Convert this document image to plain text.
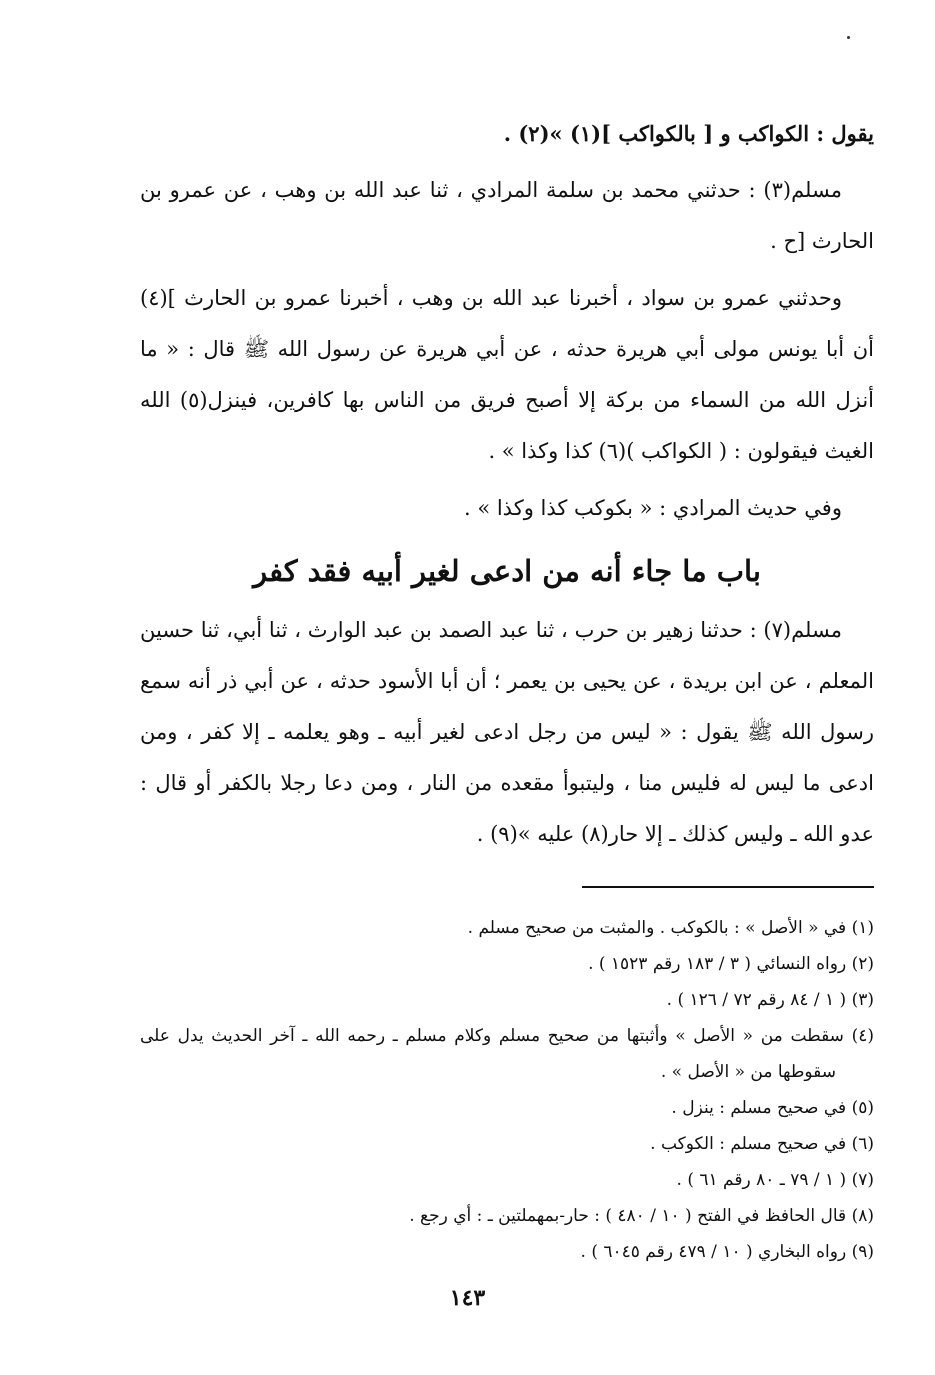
يقول : الكواكب و [ بالكواكب ](١) »(٢) .

مسلم(٣) : حدثني محمد بن سلمة المرادي ، ثنا عبد الله بن وهب ، عن عمرو بن الحارث [ح .

وحدثني عمرو بن سواد ، أخبرنا عبد الله بن وهب ، أخبرنا عمرو بن الحارث ](٤) أن أبا يونس مولى أبي هريرة حدثه ، عن أبي هريرة عن رسول الله ﷺ قال : « ما أنزل الله من السماء من بركة إلا أصبح فريق من الناس بها كافرين، فينزل(٥) الله الغيث فيقولون : ( الكواكب )(٦) كذا وكذا » .

وفي حديث المرادي : « بكوكب كذا وكذا » .

باب ما جاء أنه من ادعى لغير أبيه فقد كفر

مسلم(٧) : حدثنا زهير بن حرب ، ثنا عبد الصمد بن عبد الوارث ، ثنا أبي، ثنا حسين المعلم ، عن ابن بريدة ، عن يحيى بن يعمر ؛ أن أبا الأسود حدثه ، عن أبي ذر أنه سمع رسول الله ﷺ يقول : « ليس من رجل ادعى لغير أبيه ـ وهو يعلمه ـ إلا كفر ، ومن ادعى ما ليس له فليس منا ، وليتبوأ مقعده من النار ، ومن دعا رجلا بالكفر أو قال : عدو الله ـ وليس كذلك ـ إلا حار(٨) عليه »(٩) .

(١) في « الأصل » : بالكوكب . والمثبت من صحيح مسلم .

(٢) رواه النسائي ( ٣ / ١٨٣ رقم ١٥٢٣ ) .

(٣) ( ١ / ٨٤ رقم ٧٢ / ١٢٦ ) .

(٤) سقطت من « الأصل » وأثبتها من صحيح مسلم وكلام مسلم ـ رحمه الله ـ آخر الحديث يدل على سقوطها من « الأصل » .

(٥) في صحيح مسلم : ينزل .

(٦) في صحيح مسلم : الكوكب .

(٧) ( ١ / ٧٩ ـ ٨٠ رقم ٦١ ) .

(٨) قال الحافظ في الفتح ( ١٠ / ٤٨٠ ) : حار-بمهملتين ـ : أي رجع .

(٩) رواه البخاري ( ١٠ / ٤٧٩ رقم ٦٠٤٥ ) .

١٤٣
